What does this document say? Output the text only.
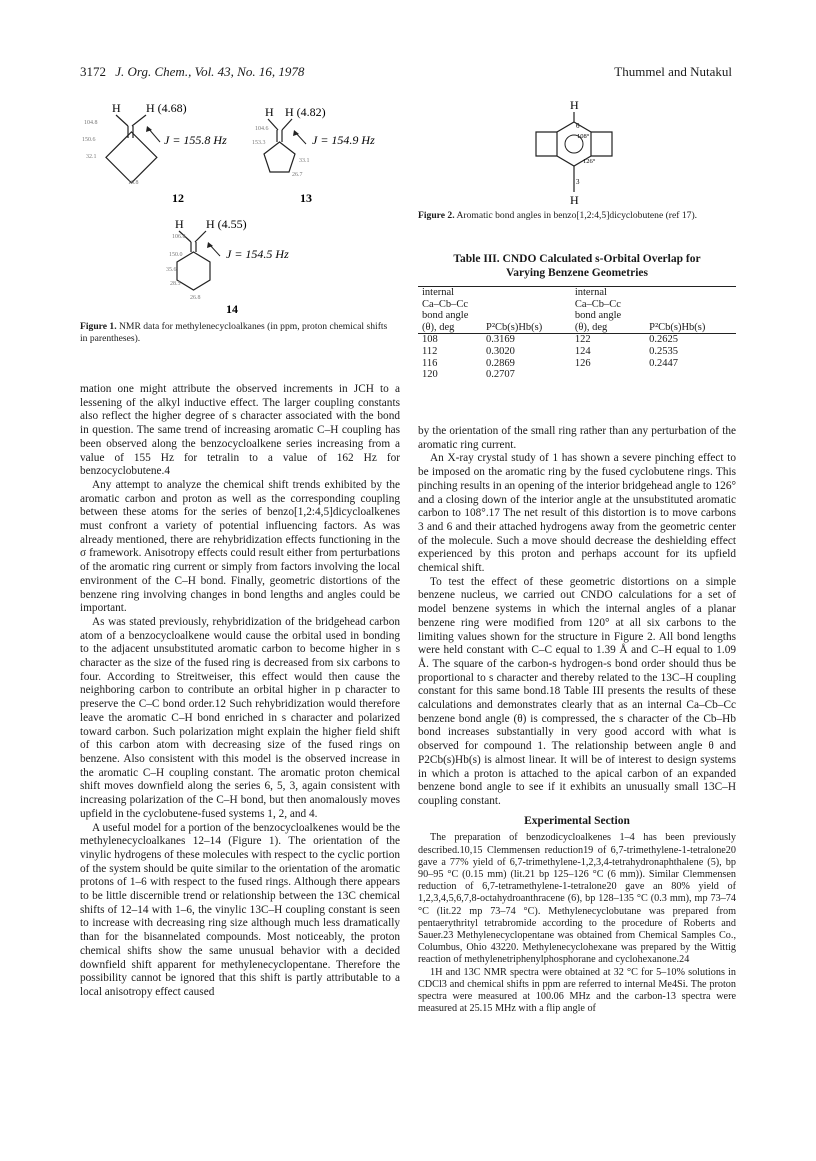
3172 J. Org. Chem., Vol. 43, No. 16, 1978	Thummel and Nutakul
H H (4.68)
104.8
150.6
32.1
16.8
J = 155.8 Hz
12
H H (4.82)
104.6
153.3
33.1
26.7
J = 154.9 Hz
13
H H (4.55)
106.8
150.0
35.6
28.5
26.8
J = 154.5 Hz
14
Figure 1. NMR data for methylenecycloalkanes (in ppm, proton chemical shifts in parentheses).
H
6
3
108°
126°
H
Figure 2. Aromatic bond angles in benzo[1,2:4,5]dicyclobutene (ref 17).
Table III. CNDO Calculated s-Orbital Overlap for
Varying Benzene Geometries
internal		internal	
Ca–Cb–Cc		Ca–Cb–Cc	
bond angle		bond angle	
(θ), deg	P²Cb(s)Hb(s)	(θ), deg	P²Cb(s)Hb(s)
108	0.3169	122	0.2625
112	0.3020	124	0.2535
116	0.2869	126	0.2447
120	0.2707		

mation one might attribute the observed increments in JCH to a lessening of the alkyl inductive effect. The larger coupling constants also reflect the higher degree of s character associated with the bond in question. The same trend of increasing aromatic C–H coupling has been observed along the benzocycloalkene series increasing from a value of 155 Hz for tetralin to a value of 162 Hz for benzocyclobutene.4

Any attempt to analyze the chemical shift trends exhibited by the aromatic carbon and proton as well as the corresponding coupling between these atoms for the series of benzo[1,2:4,5]dicycloalkenes must confront a variety of potential influencing factors. As was already mentioned, there are rehybridization effects functioning in the σ framework. Anisotropy effects could result either from perturbations of the aromatic ring current or simply from factors involving the local environment of the C–H bond. Finally, geometric distortions of the benzene ring involving changes in bond lengths and angles could be important.

As was stated previously, rehybridization of the bridgehead carbon atom of a benzocycloalkene would cause the orbital used in bonding to the adjacent unsubstituted aromatic carbon to become higher in s character as the size of the fused ring is decreased from six carbons to four. According to Streitweiser, this effect would then cause the neighboring carbon to contribute an orbital higher in p character to preserve the C–C bond order.12 Such rehybridization would therefore leave the aromatic C–H bond enriched in s character and polarized toward carbon. Such polarization might explain the higher field shift of this carbon atom with decreasing size of the fused rings on benzene. Also consistent with this model is the observed increase in the aromatic C–H coupling constant. The aromatic proton chemical shift moves downfield along the series 6, 5, 3, again consistent with increasing polarization of the C–H bond, but then anomalously moves upfield in the cyclobutene-fused systems 1, 2, and 4.

A useful model for a portion of the benzocycloalkenes would be the methylenecycloalkanes 12–14 (Figure 1). The orientation of the vinylic hydrogens of these molecules with respect to the cyclic portion of the system should be quite similar to the orientation of the aromatic protons of 1–6 with respect to the fused rings. Although there appears to be little discernible trend or relationship between the 13C chemical shifts of 12–14 with 1–6, the vinylic 13C–H coupling constant is seen to increase with decreasing ring size although much less dramatically than for the bisannelated compounds. Most noticeably, the proton chemical shifts show the same unusual behavior with a decided downfield shift apparent for methylenecyclopentane. Therefore the possibility cannot be ignored that this shift is partly attributable to a local anisotropy effect caused

by the orientation of the small ring rather than any perturbation of the aromatic ring current.

An X-ray crystal study of 1 has shown a severe pinching effect to be imposed on the aromatic ring by the fused cyclobutene rings. This pinching results in an opening of the interior bridgehead angle to 126° and a closing down of the interior angle at the unsubstituted aromatic carbon to 108°.17 The net result of this distortion is to move carbons 3 and 6 and their attached hydrogens away from the geometric center of the molecule. Such a move should decrease the deshielding effect experienced by this proton and perhaps account for its upfield chemical shift.

To test the effect of these geometric distortions on a simple benzene nucleus, we carried out CNDO calculations for a set of model benzene systems in which the internal angles of a planar benzene ring were modified from 120° at all six carbons to the limiting values shown for the structure in Figure 2. All bond lengths were held constant with C–C equal to 1.39 Å and C–H equal to 1.09 Å. The square of the carbon-s hydrogen-s bond order should thus be proportional to s character and thereby related to the 13C–H coupling constant for this same bond.18 Table III presents the results of these calculations and demonstrates clearly that as an internal Ca–Cb–Cc benzene bond angle (θ) is compressed, the s character of the Cb–Hb bond increases substantially in very good accord with what is observed for compound 1. The relationship between angle θ and P2Cb(s)Hb(s) is almost linear. It will be of interest to design systems in which a proton is attached to the apical carbon of an expanded benzene bond angle to see if it exhibits an unusually small 13C–H coupling constant.

Experimental Section

The preparation of benzodicycloalkenes 1–4 has been previously described.10,15 Clemmensen reduction19 of 6,7-trimethylene-1-tetralone20 gave a 77% yield of 6,7-trimethylene-1,2,3,4-tetrahydronaphthalene (5), bp 90–95 °C (0.15 mm) (lit.21 bp 125–126 °C (6 mm)). Similar Clemmensen reduction of 6,7-tetramethylene-1-tetralone20 gave an 80% yield of 1,2,3,4,5,6,7,8-octahydroanthracene (6), bp 128–135 °C (0.3 mm), mp 73–74 °C (lit.22 mp 73–74 °C). Methylenecyclobutane was prepared from pentaerythrityl tetrabromide according to the procedure of Roberts and Sauer.23 Methylenecyclopentane was obtained from Chemical Samples Co., Columbus, Ohio 43220. Methylenecyclohexane was prepared by the Wittig reaction of methylenetriphenylphosphorane and cyclohexanone.24

1H and 13C NMR spectra were obtained at 32 °C for 5–10% solutions in CDCl3 and chemical shifts in ppm are referred to internal Me4Si. The proton spectra were measured at 100.06 MHz and the carbon-13 spectra were measured at 25.15 MHz with a flip angle of
